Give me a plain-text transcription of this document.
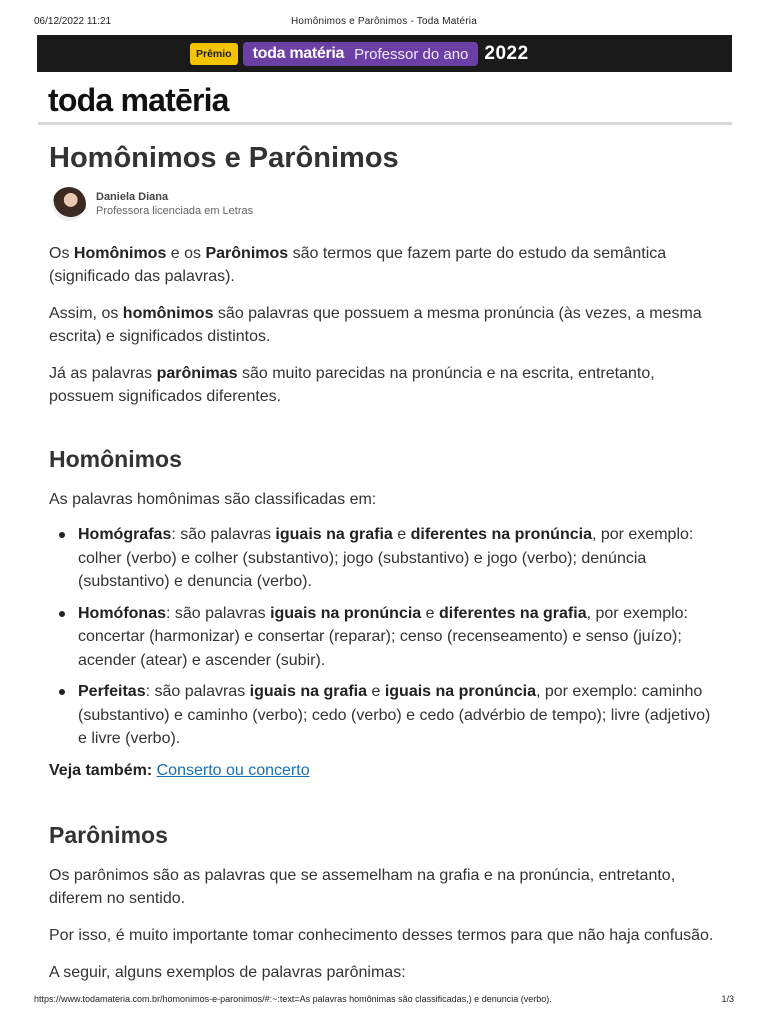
06/12/2022 11:21	Homônimos e Parônimos - Toda Matéria
Prêmio	toda matéria Professor do ano 2022
toda matēria
Homônimos e Parônimos
Daniela Diana
Professora licenciada em Letras

Os Homônimos e os Parônimos são termos que fazem parte do estudo da semântica (significado das palavras).

Assim, os homônimos são palavras que possuem a mesma pronúncia (às vezes, a mesma escrita) e significados distintos.

Já as palavras parônimas são muito parecidas na pronúncia e na escrita, entretanto, possuem significados diferentes.

Homônimos

As palavras homônimas são classificadas em:

Homógrafas: são palavras iguais na grafia e diferentes na pronúncia, por exemplo: colher (verbo) e colher (substantivo); jogo (substantivo) e jogo (verbo); denúncia (substantivo) e denuncia (verbo).
Homófonas: são palavras iguais na pronúncia e diferentes na grafia, por exemplo: concertar (harmonizar) e consertar (reparar); censo (recenseamento) e senso (juízo); acender (atear) e ascender (subir).
Perfeitas: são palavras iguais na grafia e iguais na pronúncia, por exemplo: caminho (substantivo) e caminho (verbo); cedo (verbo) e cedo (advérbio de tempo); livre (adjetivo) e livre (verbo).

Veja também: Conserto ou concerto

Parônimos

Os parônimos são as palavras que se assemelham na grafia e na pronúncia, entretanto, diferem no sentido.

Por isso, é muito importante tomar conhecimento desses termos para que não haja confusão.

A seguir, alguns exemplos de palavras parônimas:

https://www.todamateria.com.br/homonimos-e-paronimos/#:~:text=As palavras homônimas são classificadas,) e denuncia (verbo).	1/3
